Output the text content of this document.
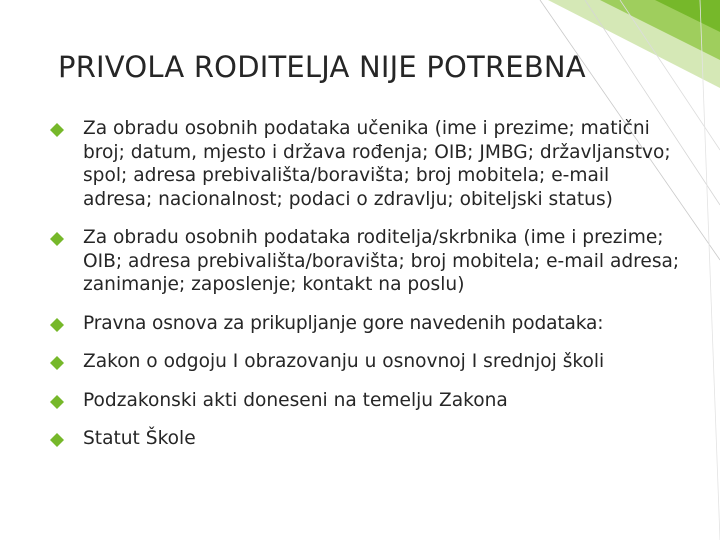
PRIVOLA RODITELJA NIJE POTREBNA
Za obradu osobnih podataka učenika (ime i prezime; matični broj; datum, mjesto i država rođenja; OIB; JMBG; državljanstvo; spol; adresa prebivališta/boravišta; broj mobitela; e-mail adresa; nacionalnost; podaci o zdravlju; obiteljski status)
Za obradu osobnih podataka roditelja/skrbnika (ime i prezime; OIB; adresa prebivališta/boravišta; broj mobitela; e-mail adresa; zanimanje; zaposlenje; kontakt na poslu)
Pravna osnova za prikupljanje gore navedenih podataka:
Zakon o odgoju I obrazovanju u osnovnoj I srednjoj školi
Podzakonski akti doneseni na temelju Zakona
Statut Škole
